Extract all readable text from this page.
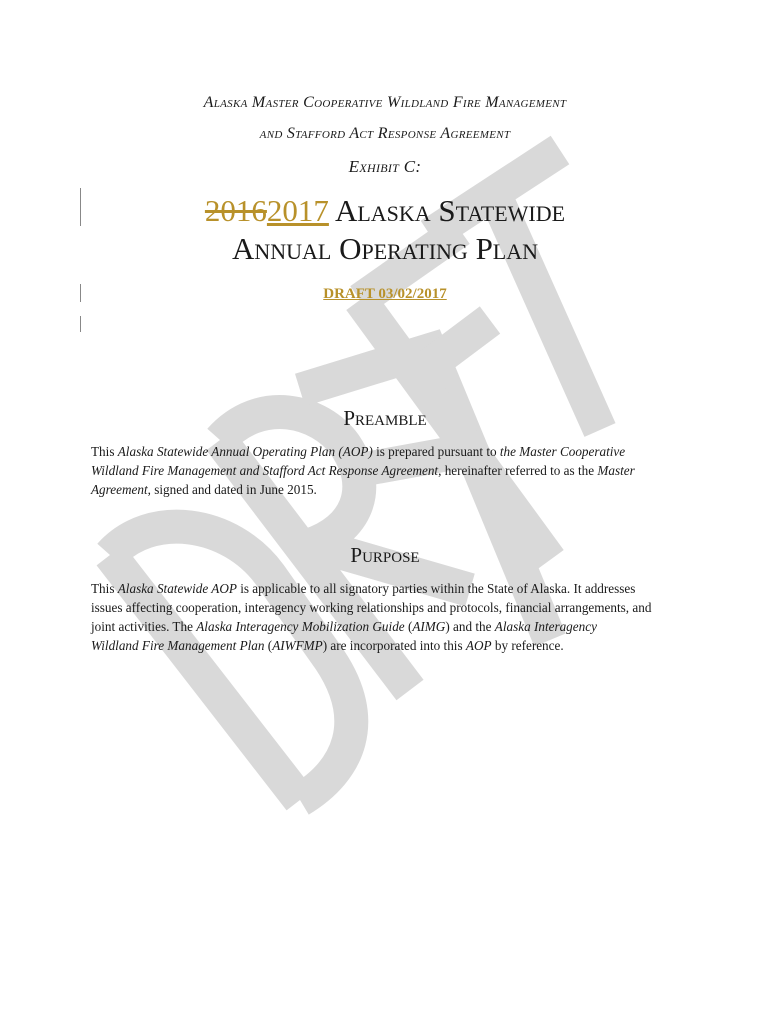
Alaska Master Cooperative Wildland Fire Management
and Stafford Act Response Agreement
Exhibit C:
20162017 Alaska Statewide
Annual Operating Plan
DRAFT 03/02/2017
Preamble
This Alaska Statewide Annual Operating Plan (AOP) is prepared pursuant to the Master Cooperative
Wildland Fire Management and Stafford Act Response Agreement, hereinafter referred to as the Master
Agreement, signed and dated in June 2015.
Purpose
This Alaska Statewide AOP is applicable to all signatory parties within the State of Alaska. It addresses
issues affecting cooperation, interagency working relationships and protocols, financial arrangements, and
joint activities. The Alaska Interagency Mobilization Guide (AIMG) and the Alaska Interagency
Wildland Fire Management Plan (AIWFMP) are incorporated into this AOP by reference.
